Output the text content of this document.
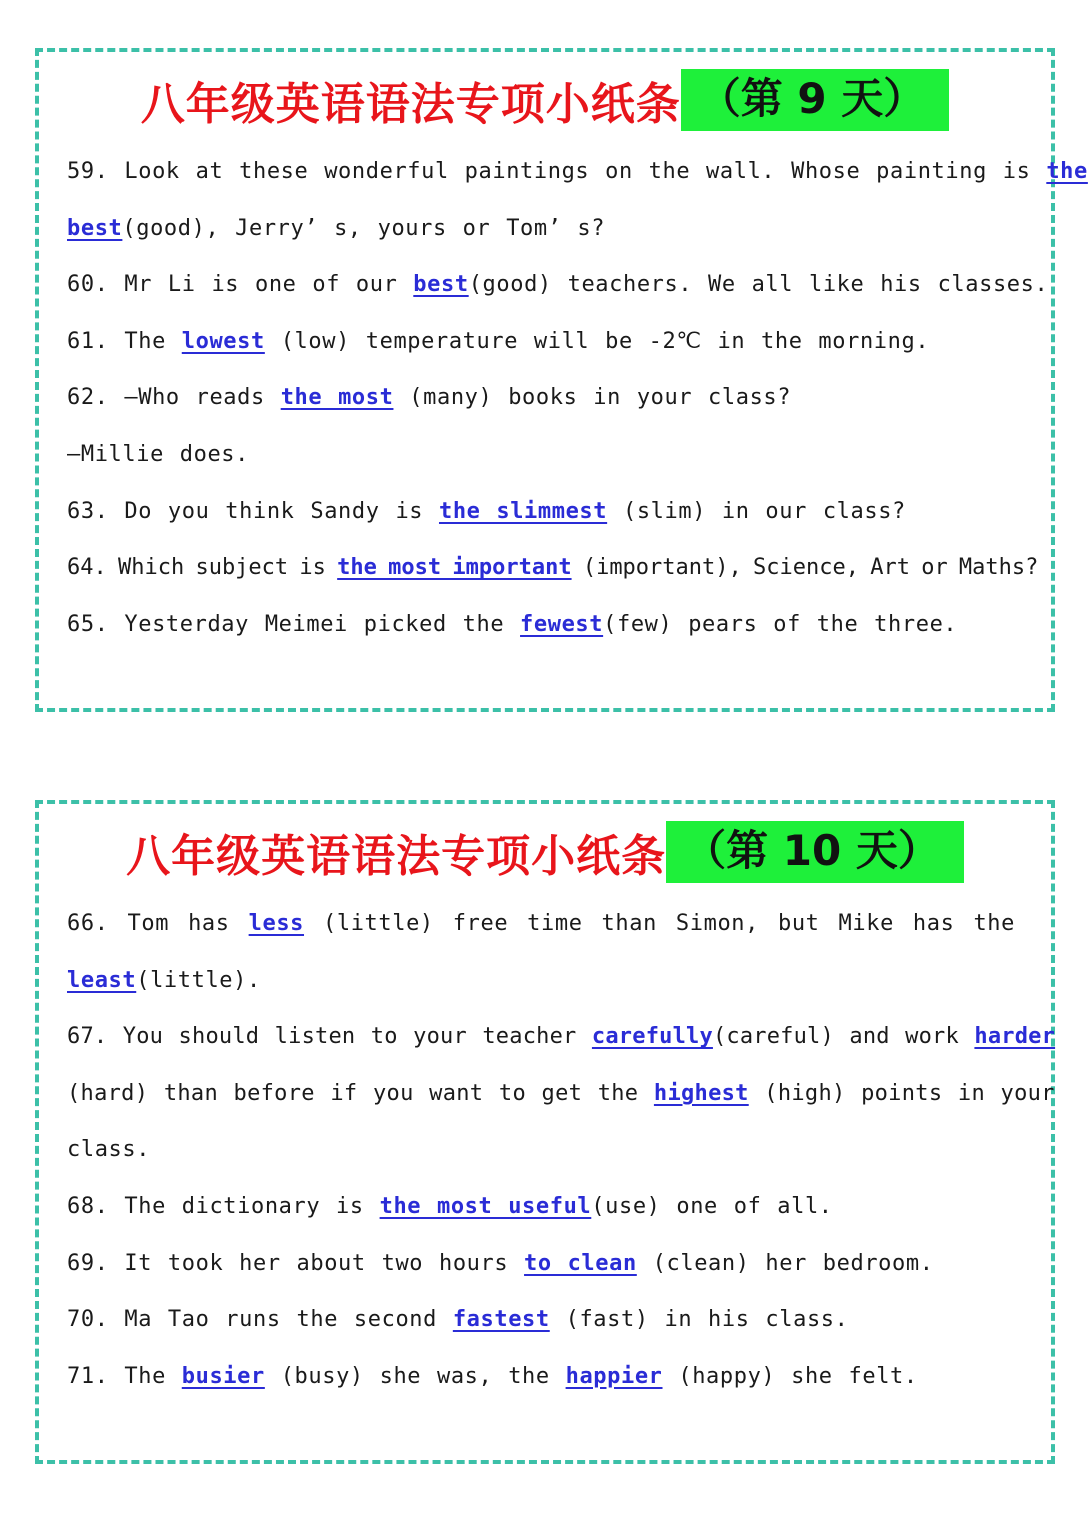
八年级英语语法专项小纸条 （第 9 天）
59. Look at these wonderful paintings on the wall. Whose painting is the
best(good), Jerry’ s, yours or Tom’ s?
60. Mr Li is one of our best(good) teachers. We all like his classes.
61. The lowest (low) temperature will be -2℃ in the morning.
62. —Who reads the most (many) books in your class?
—Millie does.
63. Do you think Sandy is the slimmest (slim) in our class?
64. Which subject is the most important (important), Science, Art or Maths?
65. Yesterday Meimei picked the fewest(few) pears of the three.
八年级英语语法专项小纸条 （第 10 天）
66. Tom has less (little) free time than Simon, but Mike has the
least(little).
67. You should listen to your teacher carefully(careful) and work harder
(hard) than before if you want to get the highest (high) points in your
class.
68. The dictionary is the most useful(use) one of all.
69. It took her about two hours to clean (clean) her bedroom.
70. Ma Tao runs the second fastest (fast) in his class.
71. The busier (busy) she was, the happier (happy) she felt.
